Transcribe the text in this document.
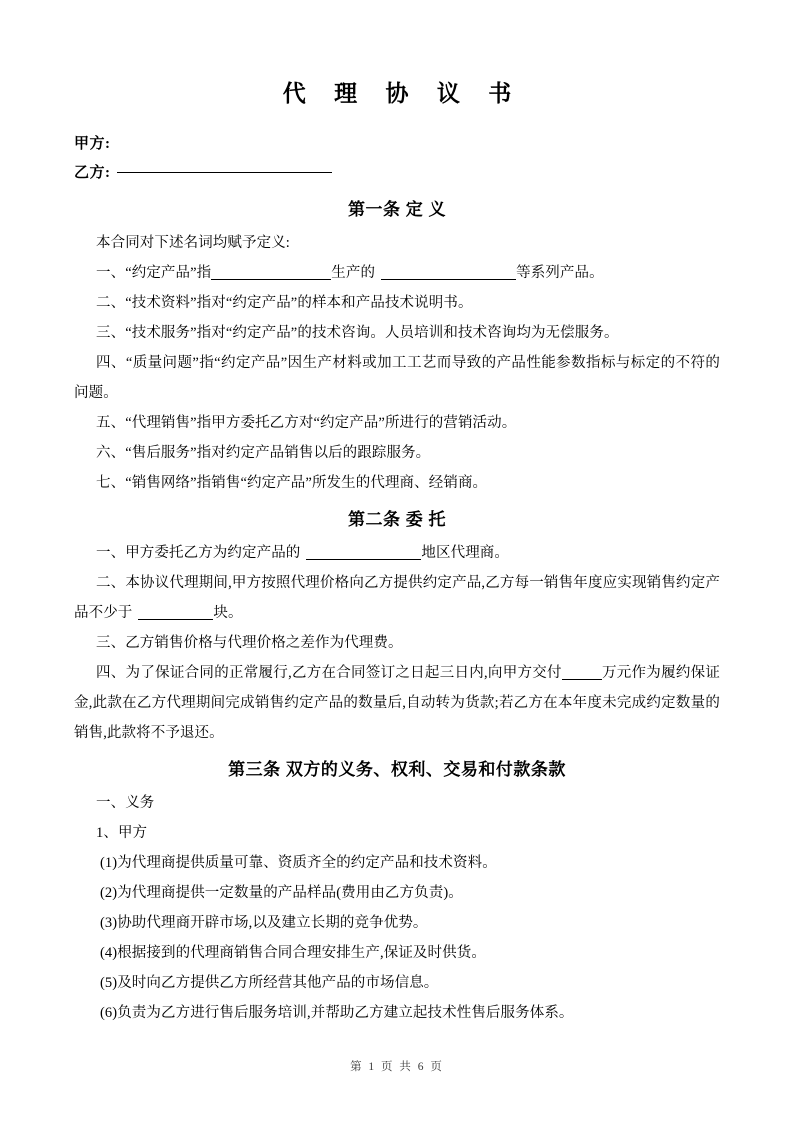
代 理 协 议 书
甲方:
乙方:
第一条 定 义

本合同对下述名词均赋予定义:

一、“约定产品”指	生产的	等系列产品。

二、“技术资料”指对“约定产品”的样本和产品技术说明书。

三、“技术服务”指对“约定产品”的技术咨询。人员培训和技术咨询均为无偿服务。

四、“质量问题”指“约定产品”因生产材料或加工工艺而导致的产品性能参数指标与标定的不符的问题。

五、“代理销售”指甲方委托乙方对“约定产品”所进行的营销活动。

六、“售后服务”指对约定产品销售以后的跟踪服务。

七、“销售网络”指销售“约定产品”所发生的代理商、经销商。

第二条 委 托

一、甲方委托乙方为约定产品的	地区代理商。

二、本协议代理期间,甲方按照代理价格向乙方提供约定产品,乙方每一销售年度应实现销售约定产品不少于	块。

三、乙方销售价格与代理价格之差作为代理费。

四、为了保证合同的正常履行,乙方在合同签订之日起三日内,向甲方交付	万元作为履约保证金,此款在乙方代理期间完成销售约定产品的数量后,自动转为货款;若乙方在本年度未完成约定数量的销售,此款将不予退还。

第三条 双方的义务、权利、交易和付款条款

一、义务

1、甲方

(1)为代理商提供质量可靠、资质齐全的约定产品和技术资料。

(2)为代理商提供一定数量的产品样品(费用由乙方负责)。

(3)协助代理商开辟市场,以及建立长期的竞争优势。

(4)根据接到的代理商销售合同合理安排生产,保证及时供货。

(5)及时向乙方提供乙方所经营其他产品的市场信息。

(6)负责为乙方进行售后服务培训,并帮助乙方建立起技术性售后服务体系。

第 1 页 共 6 页
